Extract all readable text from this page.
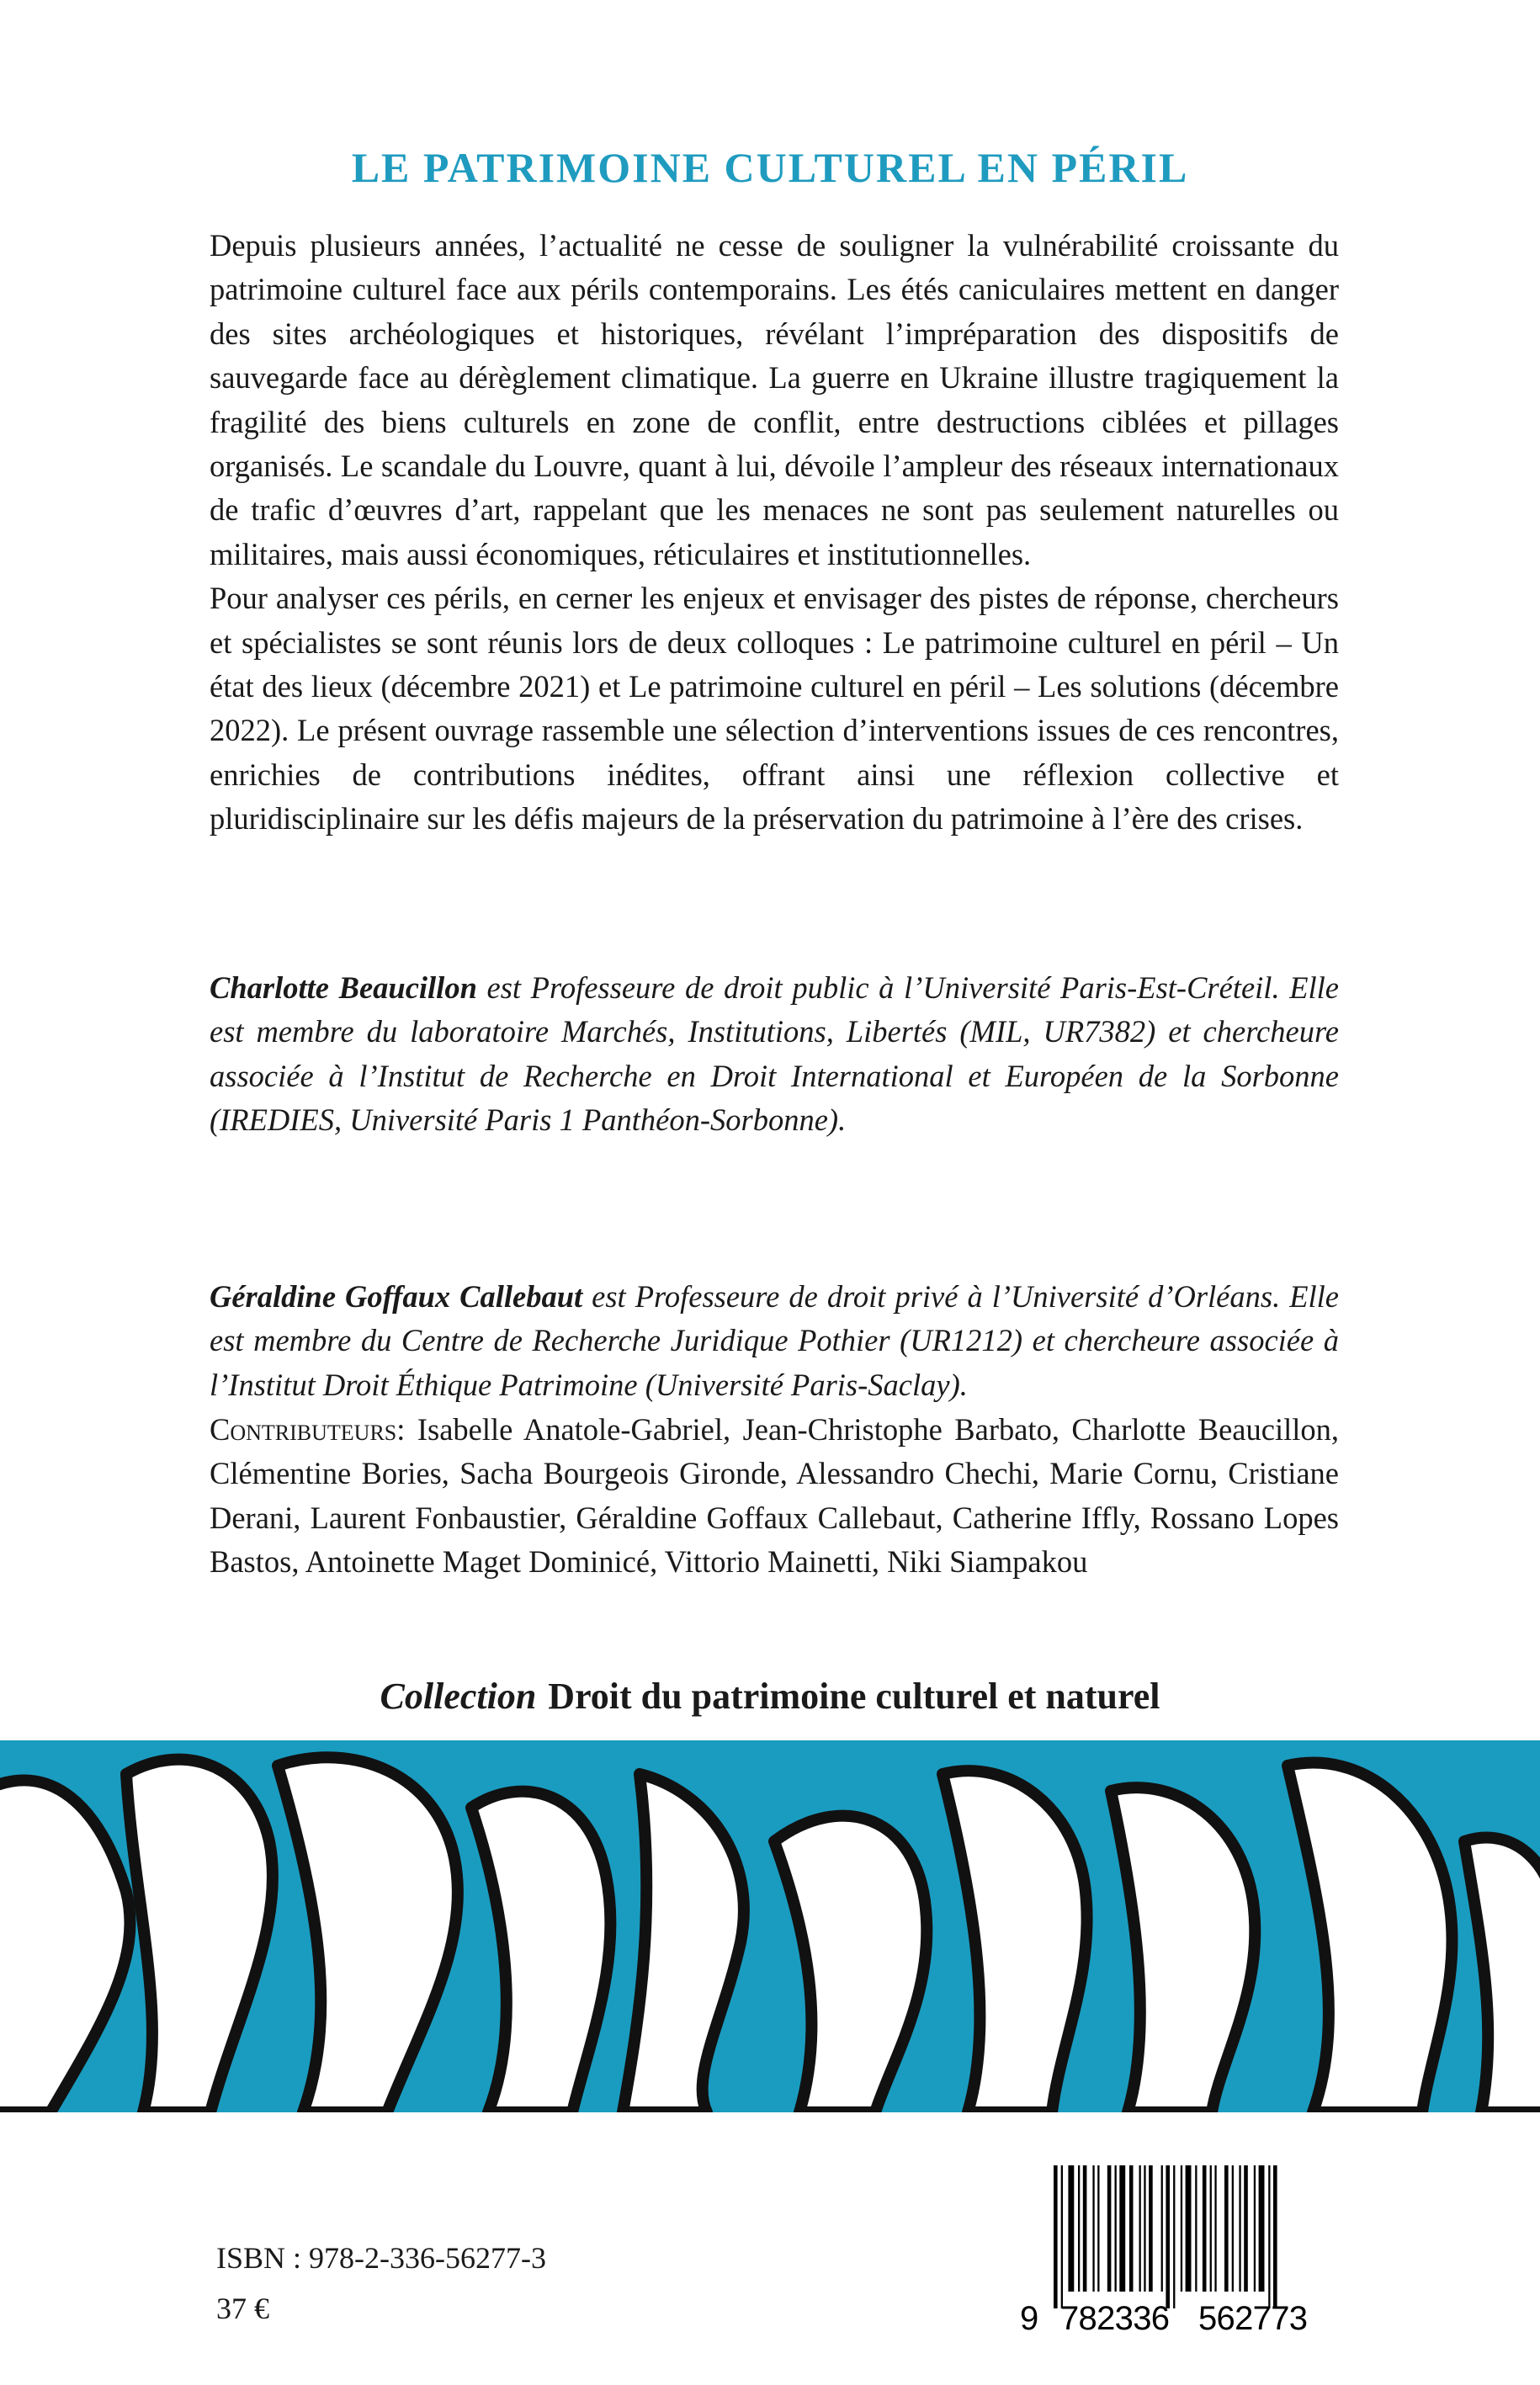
LE PATRIMOINE CULTUREL EN PÉRIL

Depuis plusieurs années, l’actualité ne cesse de souligner la vulnérabilité croissante du patrimoine culturel face aux périls contemporains. Les étés caniculaires mettent en danger des sites archéologiques et historiques, révélant l’impréparation des dispositifs de sauvegarde face au dérèglement climatique. La guerre en Ukraine illustre tragiquement la fragilité des biens culturels en zone de conflit, entre destructions ciblées et pillages organisés. Le scandale du Louvre, quant à lui, dévoile l’ampleur des réseaux internationaux de trafic d’œuvres d’art, rappelant que les menaces ne sont pas seulement naturelles ou militaires, mais aussi économiques, réticulaires et institutionnelles.

Pour analyser ces périls, en cerner les enjeux et envisager des pistes de réponse, chercheurs et spécialistes se sont réunis lors de deux colloques : Le patrimoine culturel en péril – Un état des lieux (décembre 2021) et Le patrimoine culturel en péril – Les solutions (décembre 2022). Le présent ouvrage rassemble une sélection d’interventions issues de ces rencontres, enrichies de contributions inédites, offrant ainsi une réflexion collective et pluridisciplinaire sur les défis majeurs de la préservation du patrimoine à l’ère des crises.

Charlotte Beaucillon est Professeure de droit public à l’Université Paris-Est-Créteil. Elle est membre du laboratoire Marchés, Institutions, Libertés (MIL, UR7382) et chercheure associée à l’Institut de Recherche en Droit International et Européen de la Sorbonne (IREDIES, Université Paris 1 Panthéon-Sorbonne).
Géraldine Goffaux Callebaut est Professeure de droit privé à l’Université d’Orléans. Elle est membre du Centre de Recherche Juridique Pothier (UR1212) et chercheure associée à l’Institut Droit Éthique Patrimoine (Université Paris-Saclay).
Contributeurs: Isabelle Anatole-Gabriel, Jean-Christophe Barbato, Charlotte Beaucillon, Clémentine Bories, Sacha Bourgeois Gironde, Alessandro Chechi, Marie Cornu, Cristiane Derani, Laurent Fonbaustier, Géraldine Goffaux Callebaut, Catherine Iffly, Rossano Lopes Bastos, Antoinette Maget Dominicé, Vittorio Mainetti, Niki Siampakou
Collection Droit du patrimoine culturel et naturel
ISBN : 978-2-336-56277-3
37 €	9 782336 562773
